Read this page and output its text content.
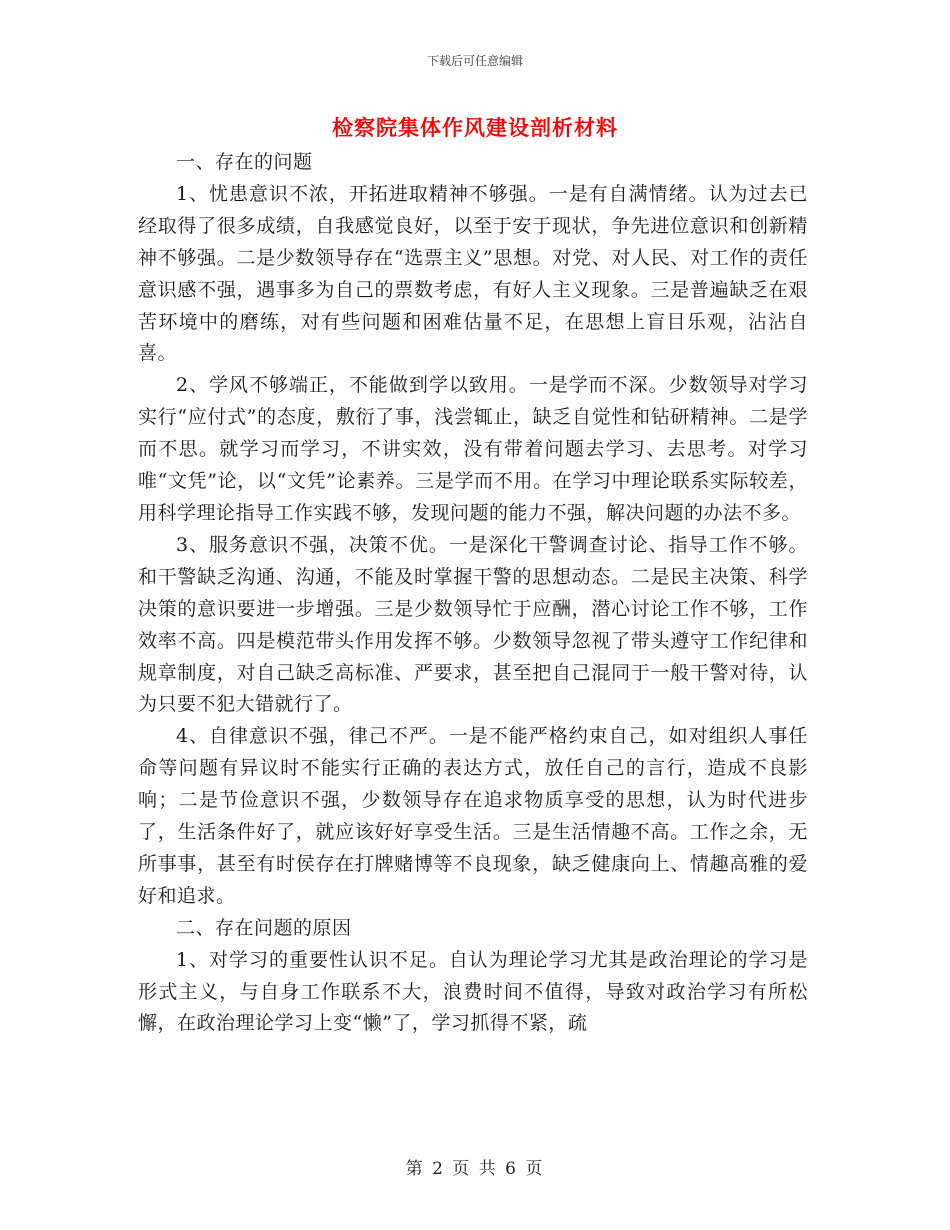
下载后可任意编辑
检察院集体作风建设剖析材料

一、存在的问题

1、忧患意识不浓，开拓进取精神不够强。一是有自满情绪。认为过去已经取得了很多成绩，自我感觉良好，以至于安于现状，争先进位意识和创新精神不够强。二是少数领导存在“选票主义”思想。对党、对人民、对工作的责任意识感不强，遇事多为自己的票数考虑，有好人主义现象。三是普遍缺乏在艰苦环境中的磨练，对有些问题和困难估量不足，在思想上盲目乐观，沾沾自喜。

2、学风不够端正，不能做到学以致用。一是学而不深。少数领导对学习实行“应付式”的态度，敷衍了事，浅尝辄止，缺乏自觉性和钻研精神。二是学而不思。就学习而学习，不讲实效，没有带着问题去学习、去思考。对学习唯“文凭”论，以“文凭”论素养。三是学而不用。在学习中理论联系实际较差，用科学理论指导工作实践不够，发现问题的能力不强，解决问题的办法不多。

3、服务意识不强，决策不优。一是深化干警调查讨论、指导工作不够。和干警缺乏沟通、沟通，不能及时掌握干警的思想动态。二是民主决策、科学决策的意识要进一步增强。三是少数领导忙于应酬，潜心讨论工作不够，工作效率不高。四是模范带头作用发挥不够。少数领导忽视了带头遵守工作纪律和规章制度，对自己缺乏高标准、严要求，甚至把自己混同于一般干警对待，认为只要不犯大错就行了。

4、自律意识不强，律己不严。一是不能严格约束自己，如对组织人事任命等问题有异议时不能实行正确的表达方式，放任自己的言行，造成不良影响；二是节俭意识不强，少数领导存在追求物质享受的思想，认为时代进步了，生活条件好了，就应该好好享受生活。三是生活情趣不高。工作之余，无所事事，甚至有时侯存在打牌赌博等不良现象，缺乏健康向上、情趣高雅的爱好和追求。

二、存在问题的原因

1、对学习的重要性认识不足。自认为理论学习尤其是政治理论的学习是形式主义，与自身工作联系不大，浪费时间不值得，导致对政治学习有所松懈，在政治理论学习上变“懒”了，学习抓得不紧，疏

第 2 页 共 6 页
